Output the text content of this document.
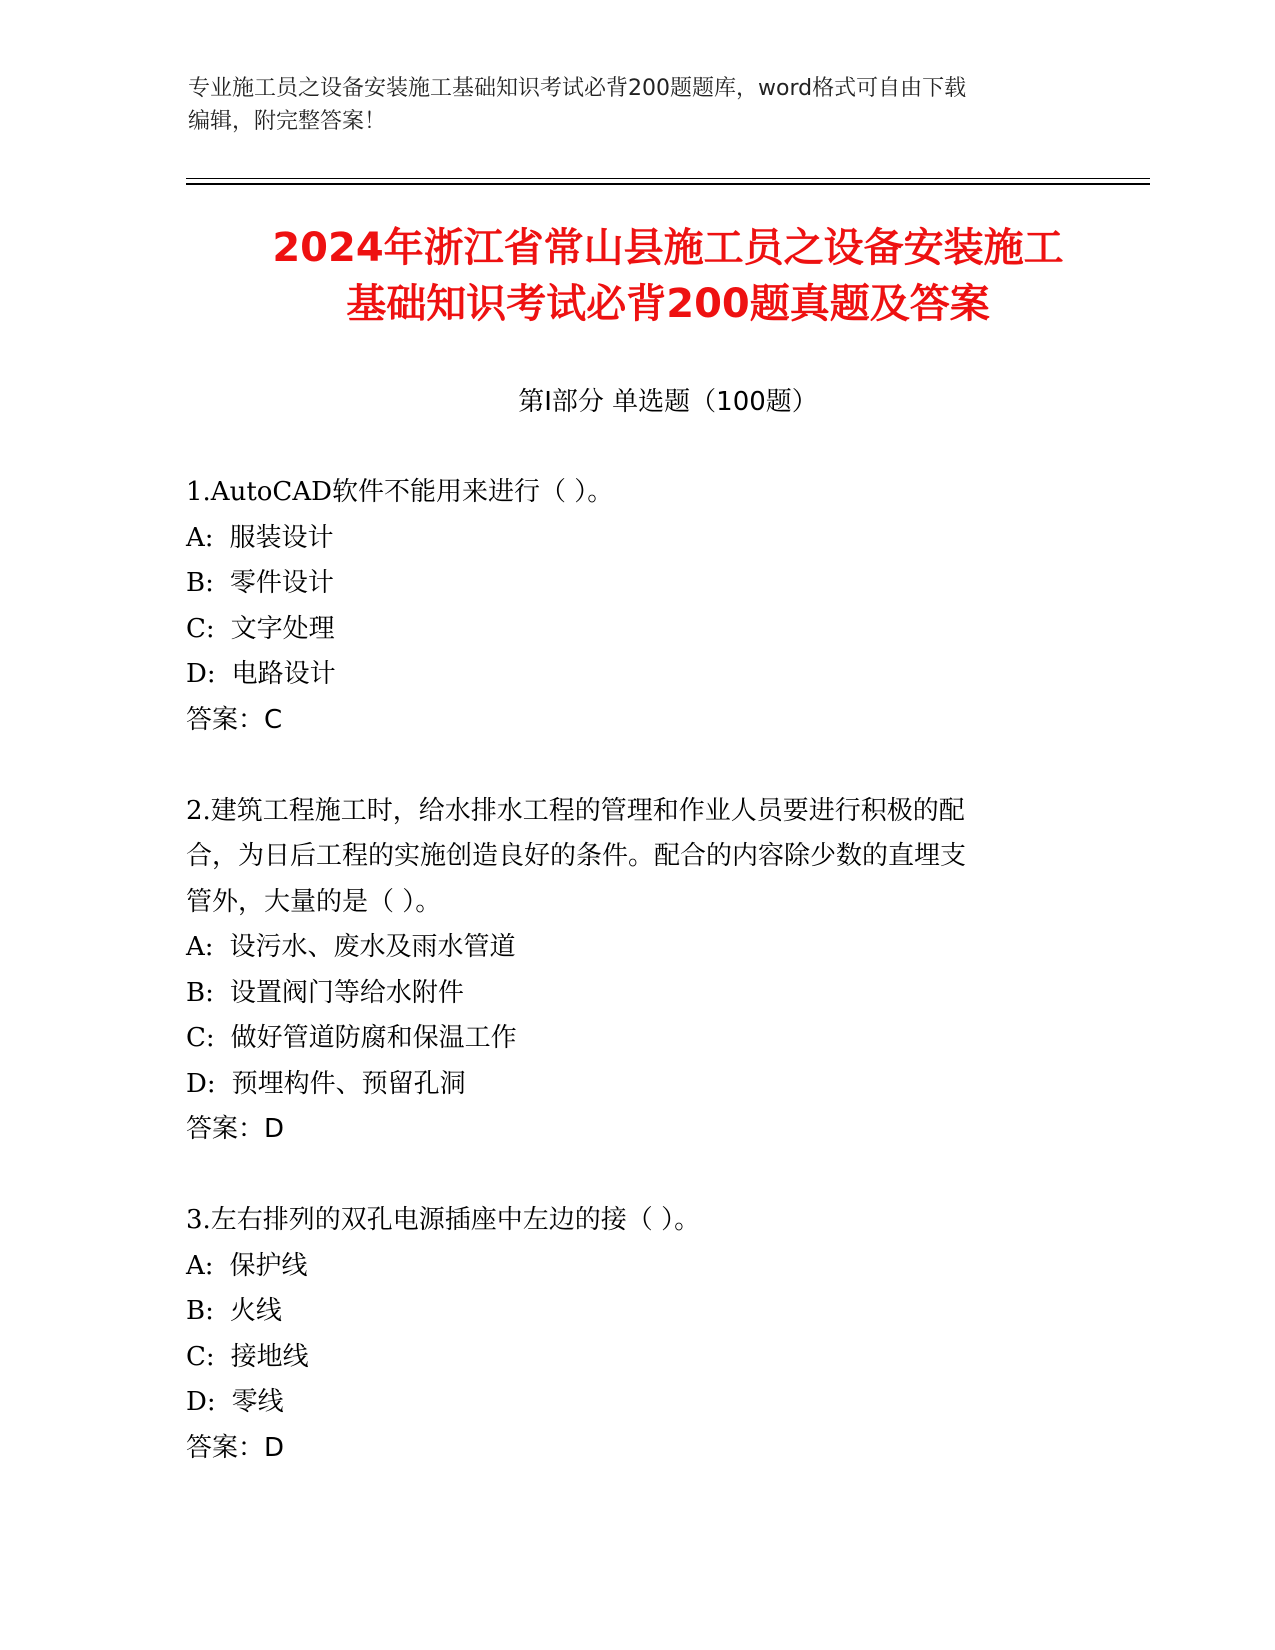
专业施工员之设备安装施工基础知识考试必背200题题库，word格式可自由下载
编辑，附完整答案！
2024年浙江省常山县施工员之设备安装施工
基础知识考试必背200题真题及答案
第Ⅰ部分 单选题（100题）
1.AutoCAD软件不能用来进行（ ）。
A: 服装设计
B: 零件设计
C: 文字处理
D: 电路设计
答案：C
2.建筑工程施工时，给水排水工程的管理和作业人员要进行积极的配
合，为日后工程的实施创造良好的条件。配合的内容除少数的直埋支
管外，大量的是（ ）。
A: 设污水、废水及雨水管道
B: 设置阀门等给水附件
C: 做好管道防腐和保温工作
D: 预埋构件、预留孔洞
答案：D
3.左右排列的双孔电源插座中左边的接（ ）。
A: 保护线
B: 火线
C: 接地线
D: 零线
答案：D
